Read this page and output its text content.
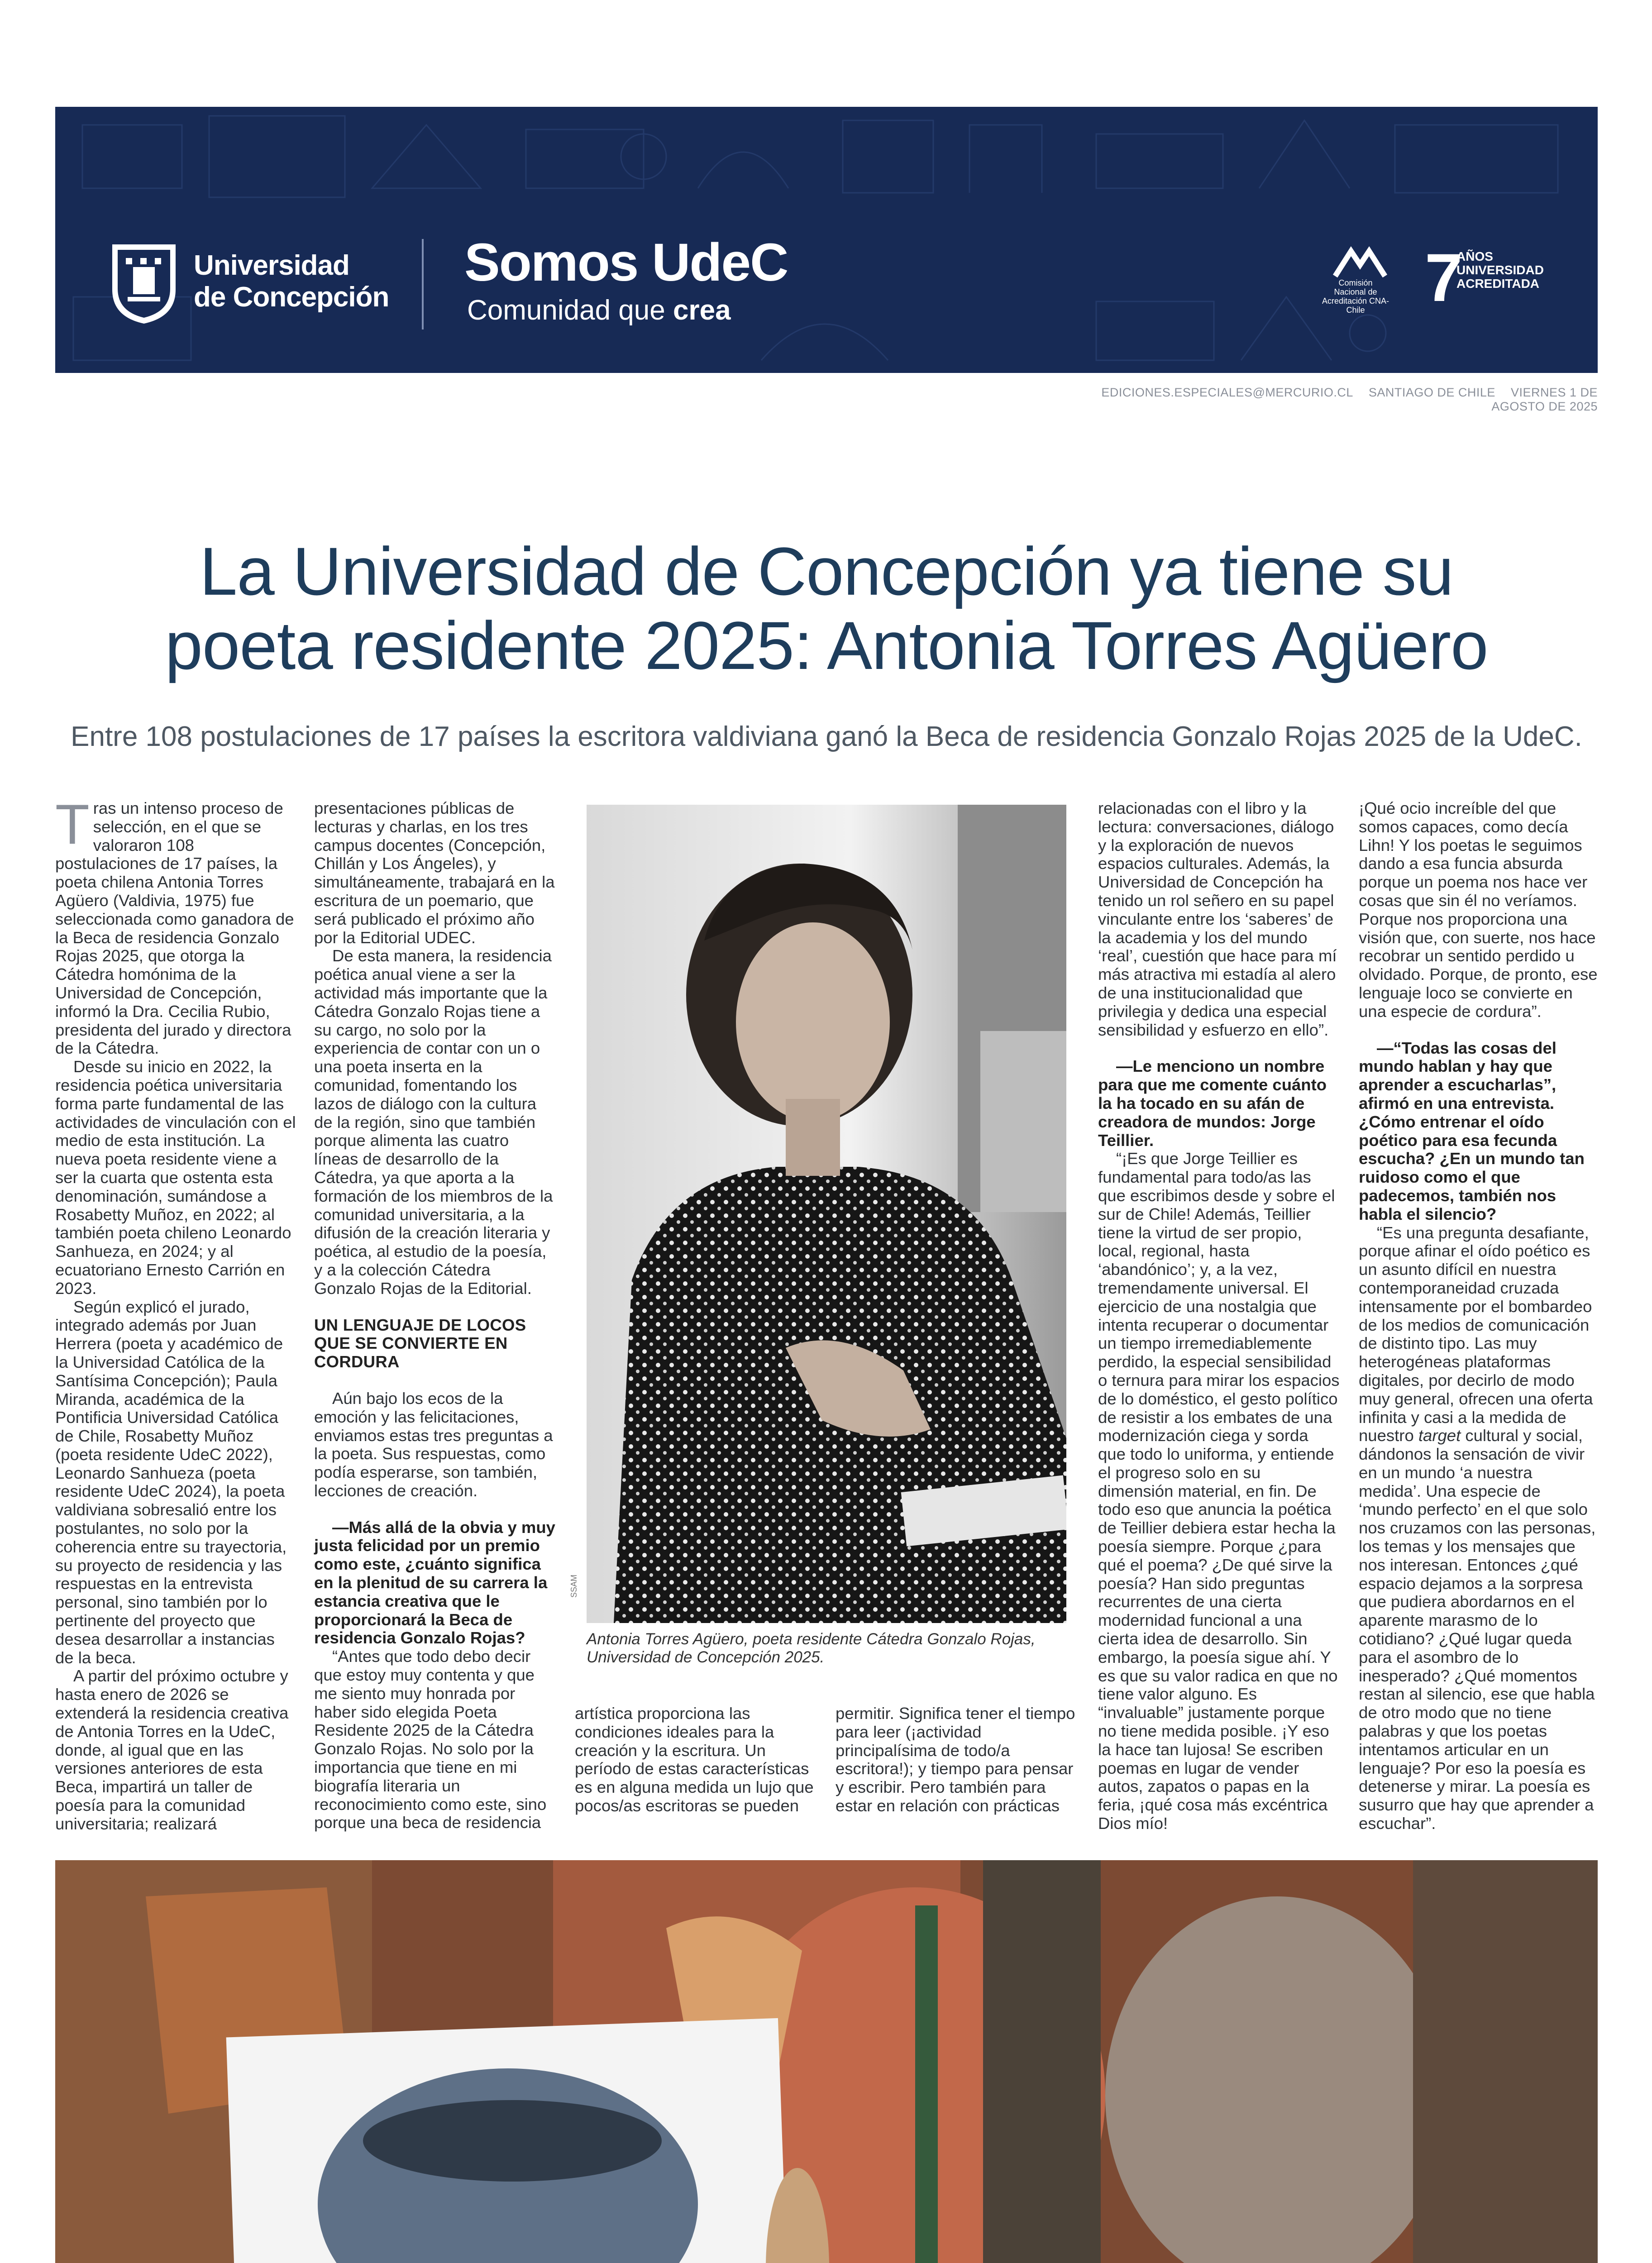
Universidad
de Concepción
Somos UdeC
Comunidad que crea
Comisión Nacional de Acreditación CNA-Chile 7
AÑOS
UNIVERSIDAD ACREDITADA
EDICIONES.ESPECIALES@MERCURIO.CL SANTIAGO DE CHILE VIERNES 1 DE AGOSTO DE 2025
La Universidad de Concepción ya tiene su
poeta residente 2025: Antonia Torres Agüero
Entre 108 postulaciones de 17 países la escritora valdiviana ganó la Beca de residencia Gonzalo Rojas 2025 de la UdeC.

Tras un intenso proceso de selección, en el que se valoraron 108 postulaciones de 17 países, la poeta chilena Antonia Torres Agüero (Valdivia, 1975) fue seleccionada como ganadora de la Beca de residencia Gonzalo Rojas 2025, que otorga la Cátedra homónima de la Universidad de Concepción, informó la Dra. Cecilia Rubio, presidenta del jurado y directora de la Cátedra.

Desde su inicio en 2022, la residencia poética universitaria forma parte fundamental de las actividades de vinculación con el medio de esta institución. La nueva poeta residente viene a ser la cuarta que ostenta esta denominación, sumándose a Rosabetty Muñoz, en 2022; al también poeta chileno Leonardo Sanhueza, en 2024; y al ecuatoriano Ernesto Carrión en 2023.

Según explicó el jurado, integrado además por Juan Herrera (poeta y académico de la Universidad Católica de la Santísima Concepción); Paula Miranda, académica de la Pontificia Universidad Católica de Chile, Rosabetty Muñoz (poeta residente UdeC 2022), Leonardo Sanhueza (poeta residente UdeC 2024), la poeta valdiviana sobresalió entre los postulantes, no solo por la coherencia entre su trayectoria, su proyecto de residencia y las respuestas en la entrevista personal, sino también por lo pertinente del proyecto que desea desarrollar a instancias de la beca.

A partir del próximo octubre y hasta enero de 2026 se extenderá la residencia creativa de Antonia Torres en la UdeC, donde, al igual que en las versiones anteriores de esta Beca, impartirá un taller de poesía para la comunidad universitaria; realizará

presentaciones públicas de lecturas y charlas, en los tres campus docentes (Concepción, Chillán y Los Ángeles), y simultáneamente, trabajará en la escritura de un poemario, que será publicado el próximo año por la Editorial UDEC.

De esta manera, la residencia poética anual viene a ser la actividad más importante que la Cátedra Gonzalo Rojas tiene a su cargo, no solo por la experiencia de contar con un o una poeta inserta en la comunidad, fomentando los lazos de diálogo con la cultura de la región, sino que también porque alimenta las cuatro líneas de desarrollo de la Cátedra, ya que aporta a la formación de los miembros de la comunidad universitaria, a la difusión de la creación literaria y poética, al estudio de la poesía, y a la colección Cátedra Gonzalo Rojas de la Editorial.

UN LENGUAJE DE LOCOS QUE SE CONVIERTE EN CORDURA

Aún bajo los ecos de la emoción y las felicitaciones, enviamos estas tres preguntas a la poeta. Sus respuestas, como podía esperarse, son también, lecciones de creación.

—Más allá de la obvia y muy justa felicidad por un premio como este, ¿cuánto significa en la plenitud de su carrera la estancia creativa que le proporcionará la Beca de residencia Gonzalo Rojas?

“Antes que todo debo decir que estoy muy contenta y que me siento muy honrada por haber sido elegida Poeta Residente 2025 de la Cátedra Gonzalo Rojas. No solo por la importancia que tiene en mi biografía literaria un reconocimiento como este, sino porque una beca de residencia

SSAM
Antonia Torres Agüero, poeta residente Cátedra Gonzalo Rojas, Universidad de Concepción 2025.

artística proporciona las condiciones ideales para la creación y la escritura. Un período de estas características es en alguna medida un lujo que pocos/as escritoras se pueden

permitir. Significa tener el tiempo para leer (¡actividad principalísima de todo/a escritora!); y tiempo para pensar y escribir. Pero también para estar en relación con prácticas

relacionadas con el libro y la lectura: conversaciones, diálogo y la exploración de nuevos espacios culturales. Además, la Universidad de Concepción ha tenido un rol señero en su papel vinculante entre los ‘saberes’ de la academia y los del mundo ‘real’, cuestión que hace para mí más atractiva mi estadía al alero de una institucionalidad que privilegia y dedica una especial sensibilidad y esfuerzo en ello”.

—Le menciono un nombre para que me comente cuánto la ha tocado en su afán de creadora de mundos: Jorge Teillier.

“¡Es que Jorge Teillier es fundamental para todo/as las que escribimos desde y sobre el sur de Chile! Además, Teillier tiene la virtud de ser propio, local, regional, hasta ‘abandónico’; y, a la vez, tremendamente universal. El ejercicio de una nostalgia que intenta recuperar o documentar un tiempo irremediablemente perdido, la especial sensibilidad o ternura para mirar los espacios de lo doméstico, el gesto político de resistir a los embates de una modernización ciega y sorda que todo lo uniforma, y entiende el progreso solo en su dimensión material, en fin. De todo eso que anuncia la poética de Teillier debiera estar hecha la poesía siempre. Porque ¿para qué el poema? ¿De qué sirve la poesía? Han sido preguntas recurrentes de una cierta modernidad funcional a una cierta idea de desarrollo. Sin embargo, la poesía sigue ahí. Y es que su valor radica en que no tiene valor alguno. Es “invaluable” justamente porque no tiene medida posible. ¡Y eso la hace tan lujosa! Se escriben poemas en lugar de vender autos, zapatos o papas en la feria, ¡qué cosa más excéntrica Dios mío!

¡Qué ocio increíble del que somos capaces, como decía Lihn! Y los poetas le seguimos dando a esa funcia absurda porque un poema nos hace ver cosas que sin él no veríamos. Porque nos proporciona una visión que, con suerte, nos hace recobrar un sentido perdido u olvidado. Porque, de pronto, ese lenguaje loco se convierte en una especie de cordura”.

—“Todas las cosas del mundo hablan y hay que aprender a escucharlas”, afirmó en una entrevista. ¿Cómo entrenar el oído poético para esa fecunda escucha? ¿En un mundo tan ruidoso como el que padecemos, también nos habla el silencio?

“Es una pregunta desafiante, porque afinar el oído poético es un asunto difícil en nuestra contemporaneidad cruzada intensamente por el bombardeo de los medios de comunicación de distinto tipo. Las muy heterogéneas plataformas digitales, por decirlo de modo muy general, ofrecen una oferta infinita y casi a la medida de nuestro target cultural y social, dándonos la sensación de vivir en un mundo ‘a nuestra medida’. Una especie de ‘mundo perfecto’ en el que solo nos cruzamos con las personas, los temas y los mensajes que nos interesan. Entonces ¿qué espacio dejamos a la sorpresa que pudiera abordarnos en el aparente marasmo de lo cotidiano? ¿Qué lugar queda para el asombro de lo inesperado? ¿Qué momentos restan al silencio, ese que habla de otro modo que no tiene palabras y que los poetas intentamos articular en un lenguaje? Por eso la poesía es detenerse y mirar. La poesía es susurro que hay que aprender a escuchar”.
